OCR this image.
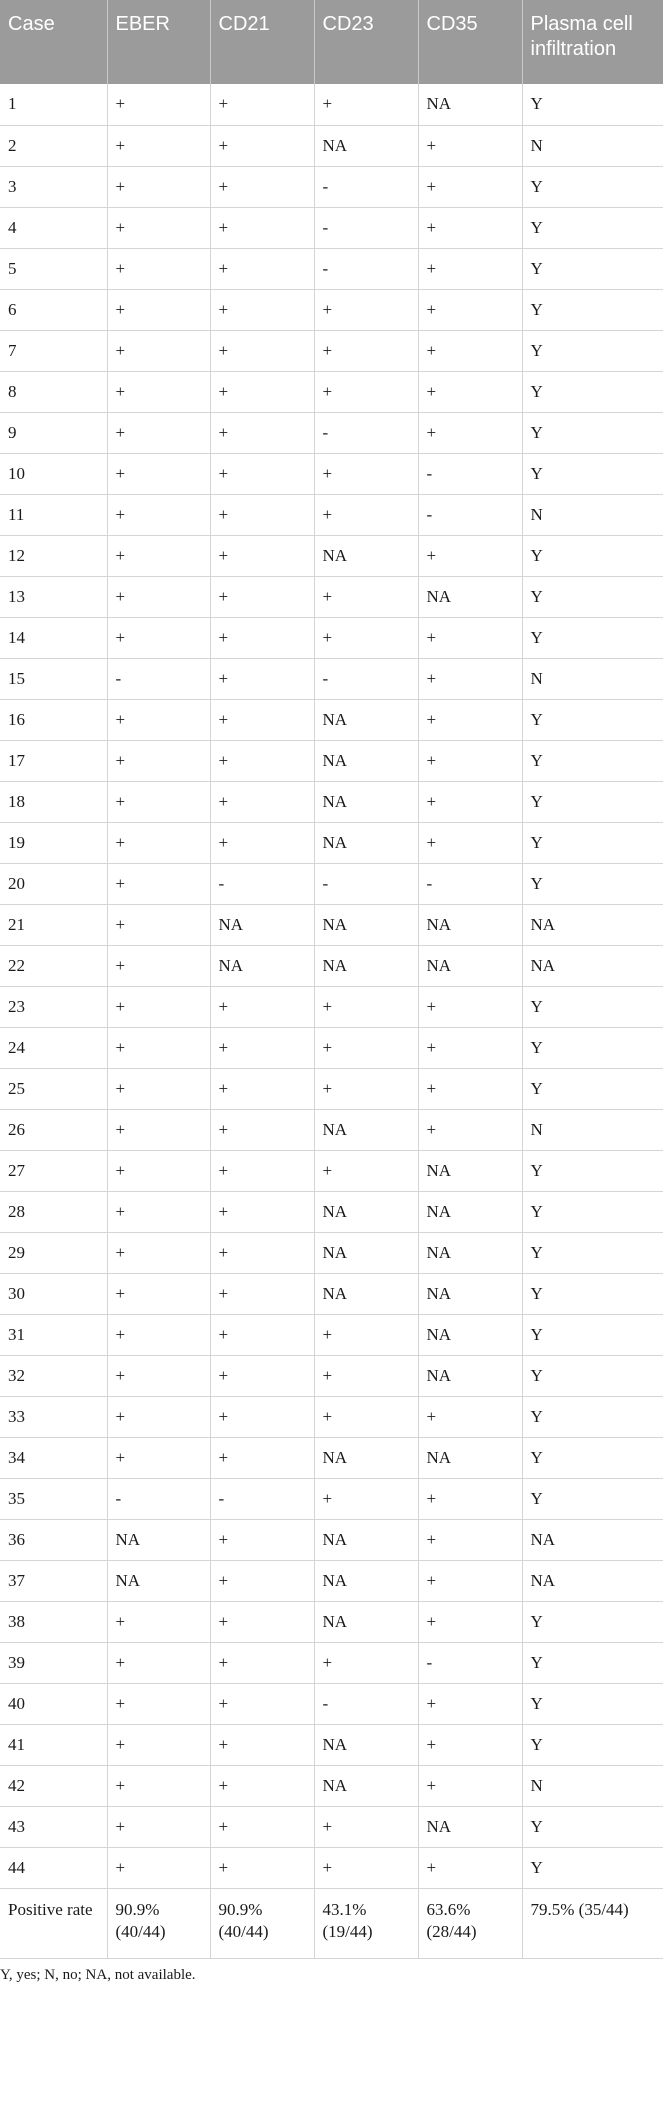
Case	EBER	CD21	CD23	CD35	Plasma cell infiltration
1	+	+	+	NA	Y
2	+	+	NA	+	N
3	+	+	-	+	Y
4	+	+	-	+	Y
5	+	+	-	+	Y
6	+	+	+	+	Y
7	+	+	+	+	Y
8	+	+	+	+	Y
9	+	+	-	+	Y
10	+	+	+	-	Y
11	+	+	+	-	N
12	+	+	NA	+	Y
13	+	+	+	NA	Y
14	+	+	+	+	Y
15	-	+	-	+	N
16	+	+	NA	+	Y
17	+	+	NA	+	Y
18	+	+	NA	+	Y
19	+	+	NA	+	Y
20	+	-	-	-	Y
21	+	NA	NA	NA	NA
22	+	NA	NA	NA	NA
23	+	+	+	+	Y
24	+	+	+	+	Y
25	+	+	+	+	Y
26	+	+	NA	+	N
27	+	+	+	NA	Y
28	+	+	NA	NA	Y
29	+	+	NA	NA	Y
30	+	+	NA	NA	Y
31	+	+	+	NA	Y
32	+	+	+	NA	Y
33	+	+	+	+	Y
34	+	+	NA	NA	Y
35	-	-	+	+	Y
36	NA	+	NA	+	NA
37	NA	+	NA	+	NA
38	+	+	NA	+	Y
39	+	+	+	-	Y
40	+	+	-	+	Y
41	+	+	NA	+	Y
42	+	+	NA	+	N
43	+	+	+	NA	Y
44	+	+	+	+	Y
Positive rate	90.9% (40/44)	90.9% (40/44)	43.1% (19/44)	63.6% (28/44)	79.5% (35/44)
Y, yes; N, no; NA, not available.
